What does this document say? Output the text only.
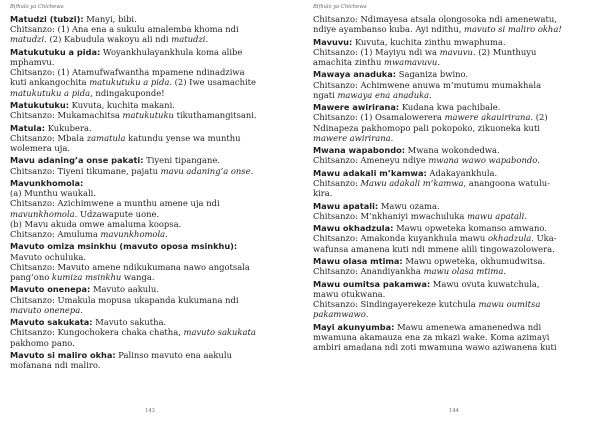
Bifhalo ya Chichewa
Matudzi (tubzi): Manyi, bibi.
Chitsanzo: (1) Ana ena a sukulu amalemba khoma ndi
matudzi. (2) Kabudula wakoyu ali ndi matudzi.
Matukutuku a pida: Woyankhulayankhula koma alibe
mphamvu.
Chitsanzo: (1) Atamufwafwantha mpamene ndinadziwa
kuti ankangochita matukutuku a pida. (2) Iwe usamachite
matukutuku a pida, ndingakuponde!
Matukutuku: Kuvuta, kuchita makani.
Chitsanzo: Mukamachitsa matukutuku tikuthamangitsani.
Matula: Kukubera.
Chitsanzo: Mbala zamatula katundu yense wa munthu
wolemera uja.
Mavu adaning’a onse pakati: Tiyeni tipangane.
Chitsanzo: Tiyeni tikumane, pajatu mavu adaning’a onse.
Mavunkhomola:
(a) Munthu waukali.
Chitsanzo: Azichimwene a munthu amene uja ndi
mavunkhomola. Udzawaputе uone.
(b) Mavu akuda omwe amaluma koopsa.
Chitsanzo: Amuluma mavunkhomola.
Mavuto omiza msinkhu (mavuto oposa msinkhu):
Mavuto ochuluka.
Chitsanzo: Mavuto amene ndikukumana nawo angotsala
pang’ono kumiza msinkhu wanga.
Mavuto onenepa: Mavuto aakulu.
Chitsanzo: Umakula mopusa ukapanda kukumana ndi
mavuto onenepa.
Mavuto sakukata: Mavuto sakutha.
Chitsanzo: Kungochokera chaka chatha, mavuto sakukata
pakhomo pano.
Mavuto si maliro okha: Palinso mavuto ena aakulu
mofanana ndi maliro.
143
Bifhalo ya Chichewa
Chitsanzo: Ndimayesa atsala olongosoka ndi amenewatu,
ndiye ayambanso kuba. Ayi ndithu, mavuto si maliro okha!
Mavuvu: Kuvuta, kuchita zinthu mwaphuma.
Chitsanzo: (1) Mayiyu ndi wa mavuvu. (2) Munthuyu
amachita zinthu mwamavuvu.
Mawaya anaduka: Saganiza bwino.
Chitsanzo: Achimwene anuwa m’mutumu mumakhala
ngati mawaya ena anaduka.
Mawere awirirana: Kudana kwa pachibale.
Chitsanzo: (1) Osamalowerera mawere akauirirana. (2)
Ndinapeza pakhomopo pali pokopoko, zikuoneka kuti
mawere awirirana.
Mwana wapabondo: Mwana wokondedwa.
Chitsanzo: Ameneyu ndiye mwana wawo wapabondo.
Mawu adakali m’kamwa: Adakayankhula.
Chitsanzo: Mawu adakali m’kamwa, anangoona watulu-
kira.
Mawu apatali: Mawu ozama.
Chitsanzo: M’nkhaniyi mwachuluka mawu apatali.
Mawu okhadzula: Mawu opweteka komanso amwano.
Chitsanzo: Amakonda kuyankhula mawu okhadzula. Uka-
wafunsa amanena kuti ndi mmene alili tingowazolowera.
Mawu olasa mtima: Mawu opweteka, okhumudwitsa.
Chitsanzo: Anandiyankha mawu olasa mtima.
Mawu oumitsa pakamwa: Mawu ovuta kuwatchula,
mawu otukwana.
Chitsanzo: Sindingayerekeze kutchula mawu oumitsa
pakamwawo.
Mayi akunyumba: Mawu amenewa amanenedwa ndi
mwamuna akamauza ena za mkazi wake. Koma azimayi
ambiri amadana ndi zoti mwamuna wawo aziwanena kuti
144
